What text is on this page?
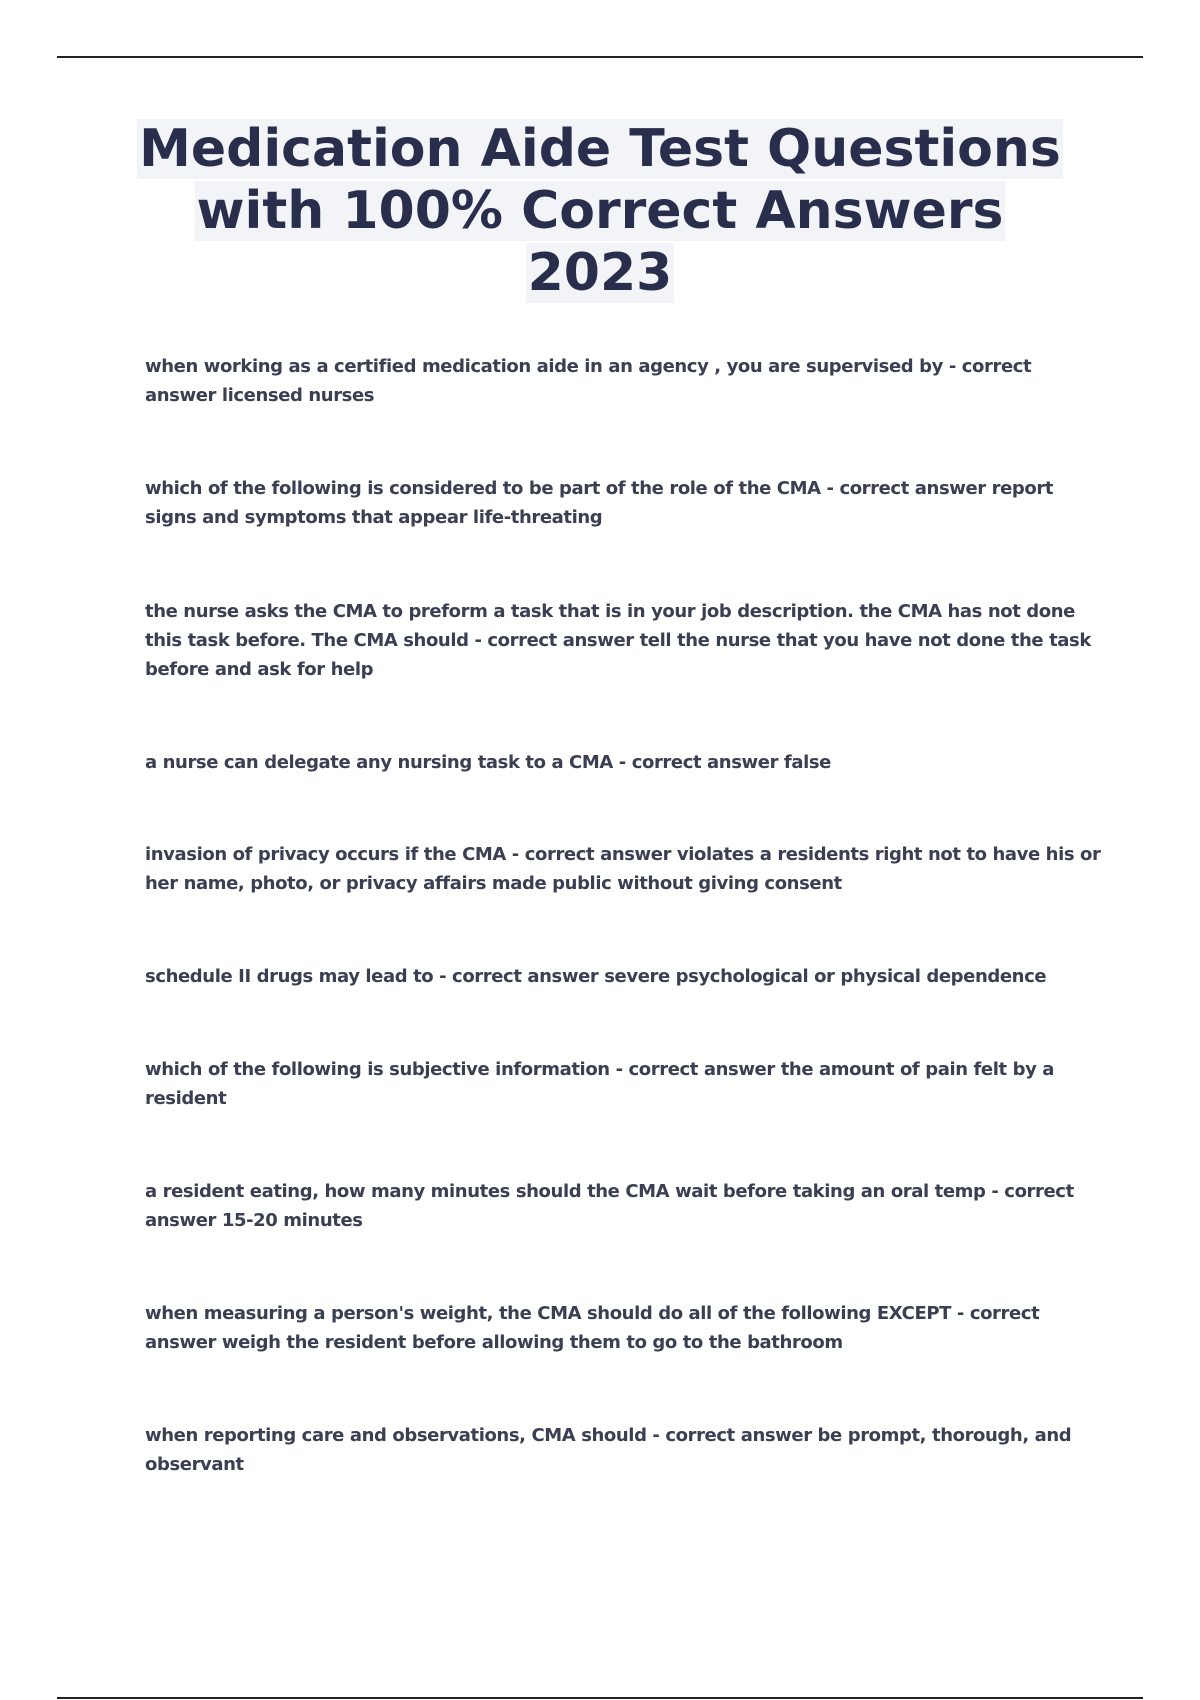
Medication Aide Test Questions
with 100% Correct Answers
2023
when working as a certified medication aide in an agency , you are supervised by - correct answer licensed nurses
which of the following is considered to be part of the role of the CMA - correct answer report signs and symptoms that appear life-threating
the nurse asks the CMA to preform a task that is in your job description. the CMA has not done this task before. The CMA should - correct answer tell the nurse that you have not done the task before and ask for help
a nurse can delegate any nursing task to a CMA - correct answer false
invasion of privacy occurs if the CMA - correct answer violates a residents right not to have his or her name, photo, or privacy affairs made public without giving consent
schedule II drugs may lead to - correct answer severe psychological or physical dependence
which of the following is subjective information - correct answer the amount of pain felt by a resident
a resident eating, how many minutes should the CMA wait before taking an oral temp - correct answer 15-20 minutes
when measuring a person's weight, the CMA should do all of the following EXCEPT - correct answer weigh the resident before allowing them to go to the bathroom
when reporting care and observations, CMA should - correct answer be prompt, thorough, and observant
